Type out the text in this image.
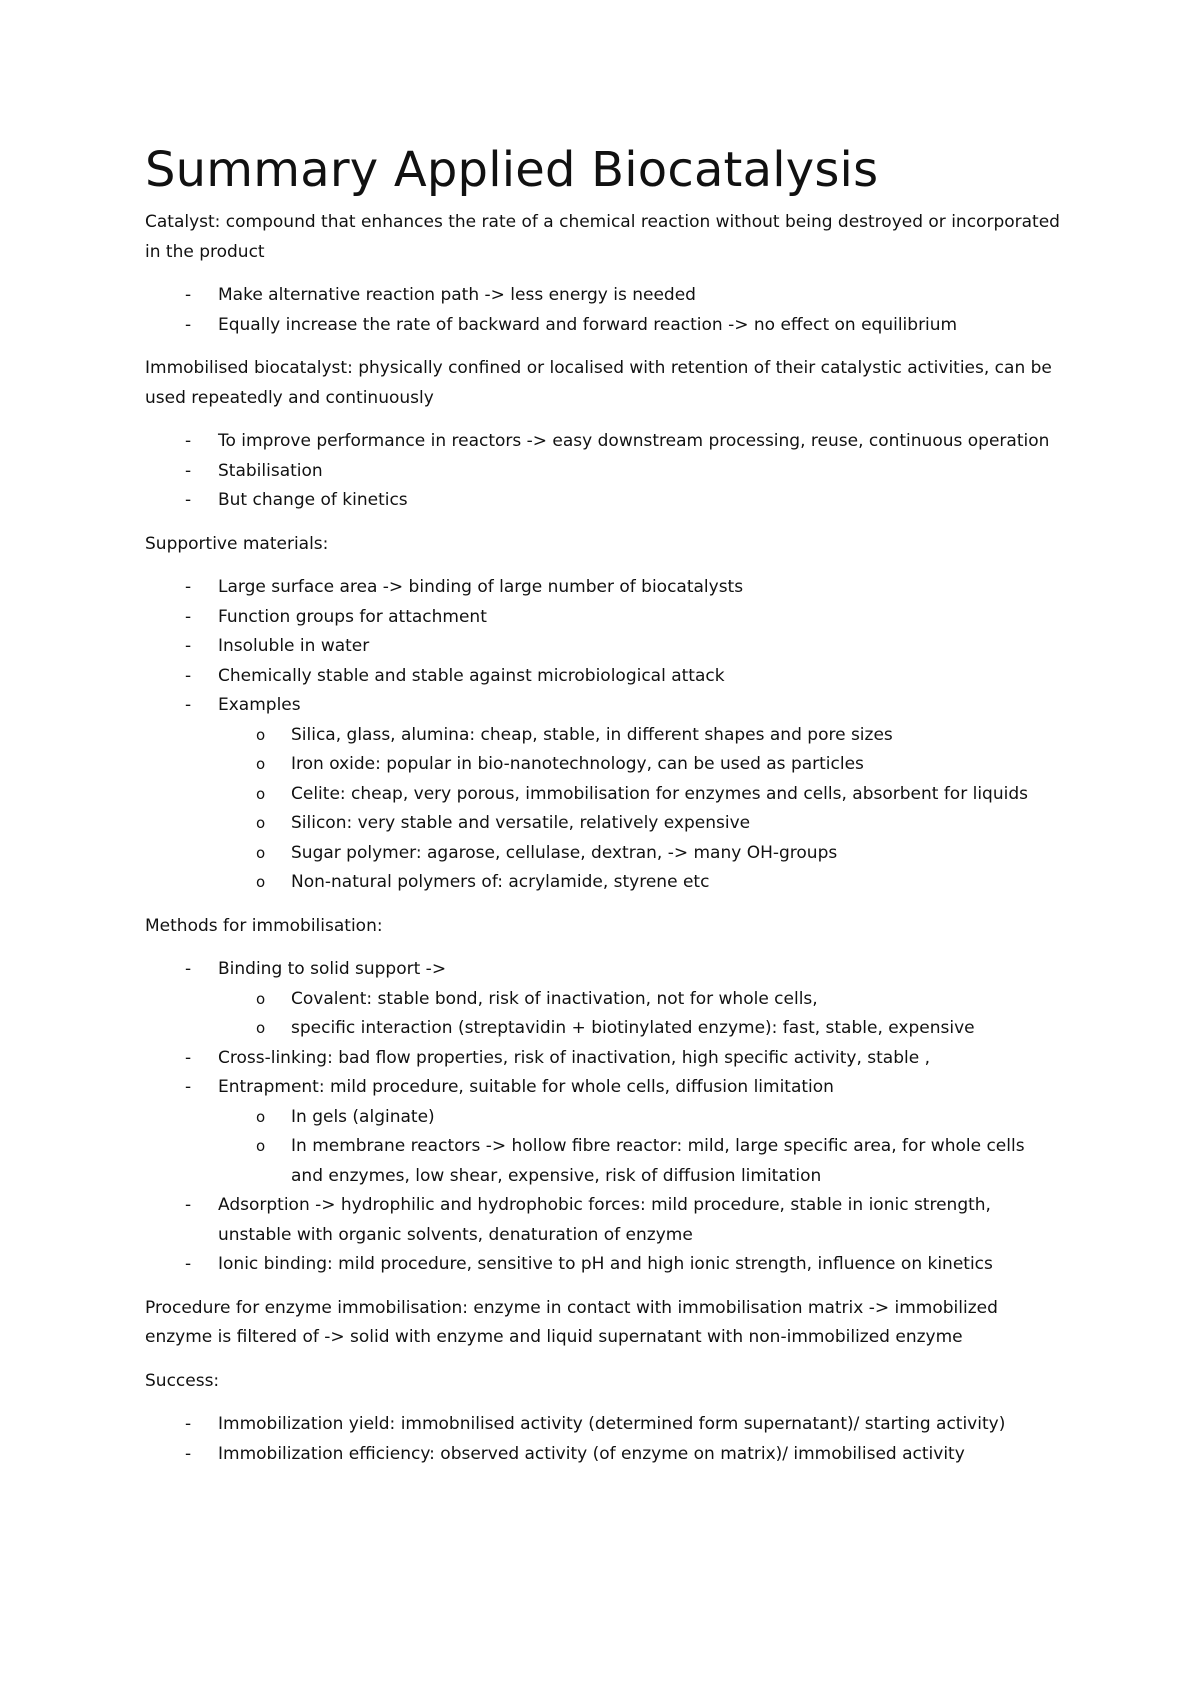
Summary Applied Biocatalysis

Catalyst: compound that enhances the rate of a chemical reaction without being destroyed or incorporated in the product

- Make alternative reaction path -> less energy is needed
- Equally increase the rate of backward and forward reaction -> no effect on equilibrium

Immobilised biocatalyst: physically confined or localised with retention of their catalystic activities, can be used repeatedly and continuously

- To improve performance in reactors -> easy downstream processing, reuse, continuous operation
- Stabilisation
- But change of kinetics

Supportive materials:

- Large surface area -> binding of large number of biocatalysts
- Function groups for attachment
- Insoluble in water
- Chemically stable and stable against microbiological attack
- Examples
o Silica, glass, alumina: cheap, stable, in different shapes and pore sizes
o Iron oxide: popular in bio-nanotechnology, can be used as particles
o Celite: cheap, very porous, immobilisation for enzymes and cells, absorbent for liquids
o Silicon: very stable and versatile, relatively expensive
o Sugar polymer: agarose, cellulase, dextran, -> many OH-groups
o Non-natural polymers of: acrylamide, styrene etc

Methods for immobilisation:

- Binding to solid support ->
o Covalent: stable bond, risk of inactivation, not for whole cells,
o specific interaction (streptavidin + biotinylated enzyme): fast, stable, expensive
- Cross-linking: bad flow properties, risk of inactivation, high specific activity, stable ,
- Entrapment: mild procedure, suitable for whole cells, diffusion limitation
o In gels (alginate)
o In membrane reactors -> hollow fibre reactor: mild, large specific area, for whole cells and enzymes, low shear, expensive, risk of diffusion limitation
- Adsorption -> hydrophilic and hydrophobic forces: mild procedure, stable in ionic strength, unstable with organic solvents, denaturation of enzyme
- Ionic binding: mild procedure, sensitive to pH and high ionic strength, influence on kinetics

Procedure for enzyme immobilisation: enzyme in contact with immobilisation matrix -> immobilized enzyme is filtered of -> solid with enzyme and liquid supernatant with non-immobilized enzyme

Success:

- Immobilization yield: immobnilised activity (determined form supernatant)/ starting activity)
- Immobilization efficiency: observed activity (of enzyme on matrix)/ immobilised activity
